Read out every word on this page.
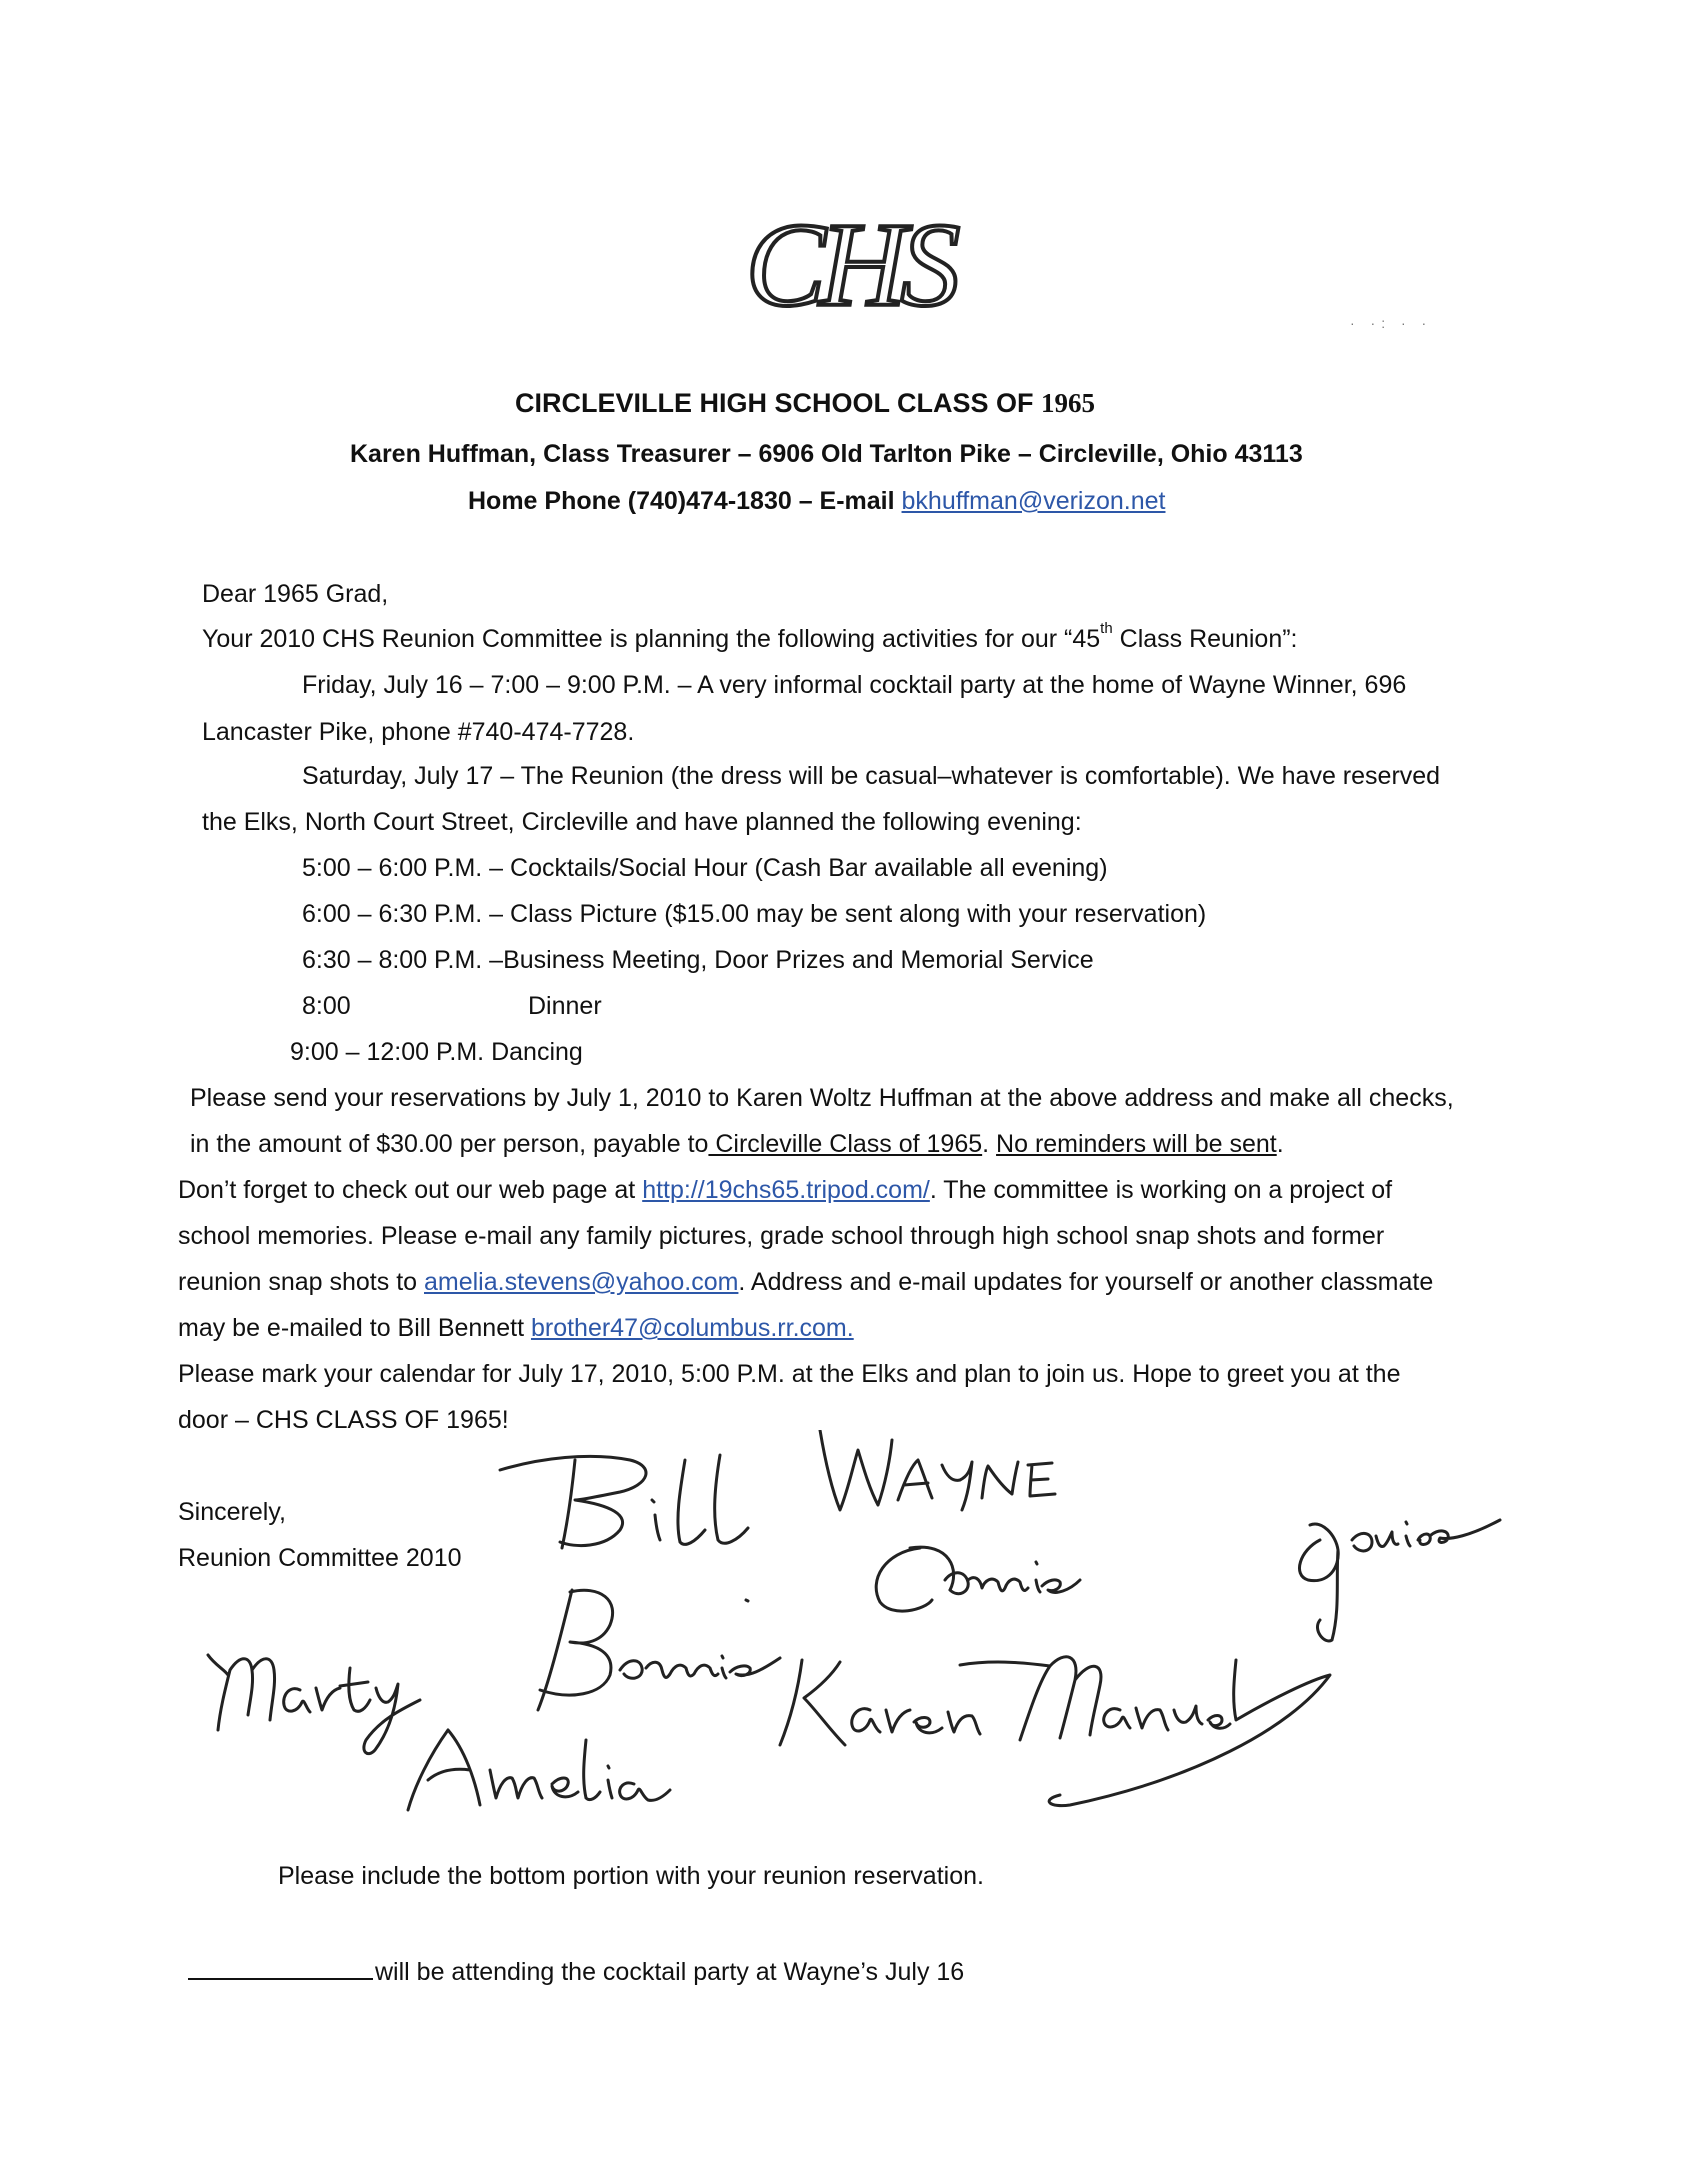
CHS	· ·: · ·
CIRCLEVILLE HIGH SCHOOL CLASS OF 1965
Karen Huffman, Class Treasurer – 6906 Old Tarlton Pike – Circleville, Ohio 43113
Home Phone (740)474-1830 – E-mail bkhuffman@verizon.net
Dear 1965 Grad,
Your 2010 CHS Reunion Committee is planning the following activities for our “45th Class Reunion”:
Friday, July 16 – 7:00 – 9:00 P.M. – A very informal cocktail party at the home of Wayne Winner, 696
Lancaster Pike, phone #740-474-7728.
Saturday, July 17 – The Reunion (the dress will be casual–whatever is comfortable). We have reserved
the Elks, North Court Street, Circleville and have planned the following evening:
5:00 – 6:00 P.M. – Cocktails/Social Hour (Cash Bar available all evening)
6:00 – 6:30 P.M. – Class Picture ($15.00 may be sent along with your reservation)
6:30 – 8:00 P.M. –Business Meeting, Door Prizes and Memorial Service
8:00	Dinner
9:00 – 12:00 P.M. Dancing
Please send your reservations by July 1, 2010 to Karen Woltz Huffman at the above address and make all checks,
in the amount of $30.00 per person, payable to Circleville Class of 1965. No reminders will be sent.
Don’t forget to check out our web page at http://19chs65.tripod.com/. The committee is working on a project of
school memories. Please e-mail any family pictures, grade school through high school snap shots and former
reunion snap shots to amelia.stevens@yahoo.com. Address and e-mail updates for yourself or another classmate
may be e-mailed to Bill Bennett brother47@columbus.rr.com.
Please mark your calendar for July 17, 2010, 5:00 P.M. at the Elks and plan to join us. Hope to greet you at the
door – CHS CLASS OF 1965!
Sincerely,
Reunion Committee 2010
Please include the bottom portion with your reunion reservation.
will be attending the cocktail party at Wayne’s July 16
